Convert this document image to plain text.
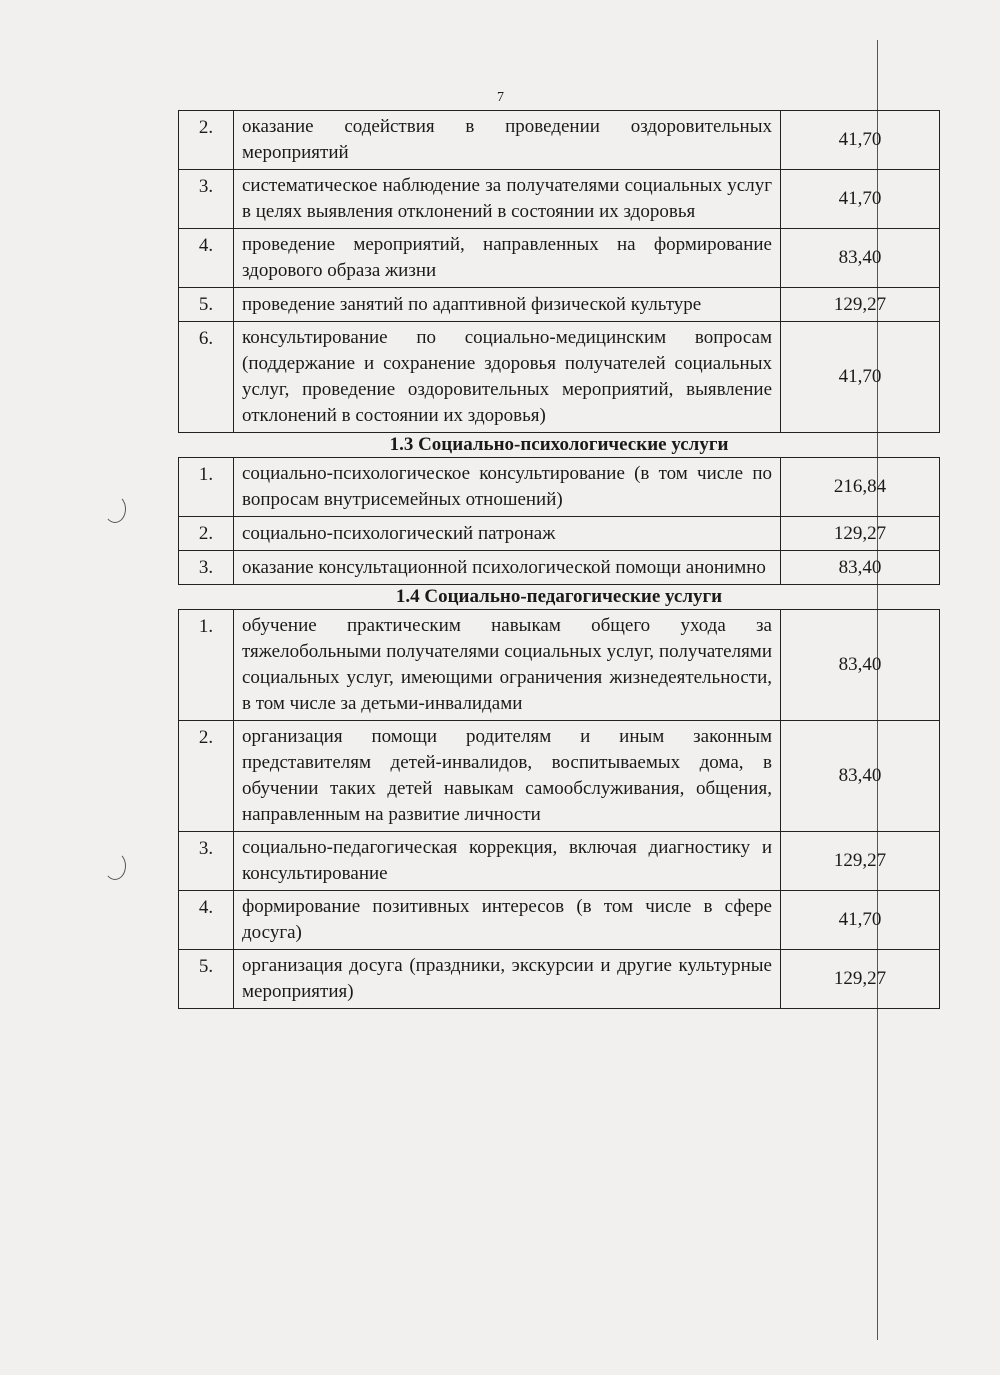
7
2.	оказание содействия в проведении оздоровительных мероприятий	41,70
3.	систематическое наблюдение за получателями социальных услуг в целях выявления отклонений в состоянии их здоровья	41,70
4.	проведение мероприятий, направленных на формирование здорового образа жизни	83,40
5.	проведение занятий по адаптивной физической культуре	129,27
6.	консультирование по социально-медицинским вопросам (поддержание и сохранение здоровья получателей социальных услуг, проведение оздоровительных мероприятий, выявление отклонений в состоянии их здоровья)	41,70
1.3 Социально-психологические услуги		
1.	социально-психологическое консультирование (в том числе по вопросам внутрисемейных отношений)	216,84
2.	социально-психологический патронаж	129,27
3.	оказание консультационной психологической помощи анонимно	83,40
1.4 Социально-педагогические услуги		
1.	обучение практическим навыкам общего ухода за тяжелобольными получателями социальных услуг, получателями социальных услуг, имеющими ограничения жизнедеятельности, в том числе за детьми-инвалидами	83,40
2.	организация помощи родителям и иным законным представителям детей-инвалидов, воспитываемых дома, в обучении таких детей навыкам самообслуживания, общения, направленным на развитие личности	83,40
3.	социально-педагогическая коррекция, включая диагностику и консультирование	129,27
4.	формирование позитивных интересов (в том числе в сфере досуга)	41,70
5.	организация досуга (праздники, экскурсии и другие культурные мероприятия)	129,27
